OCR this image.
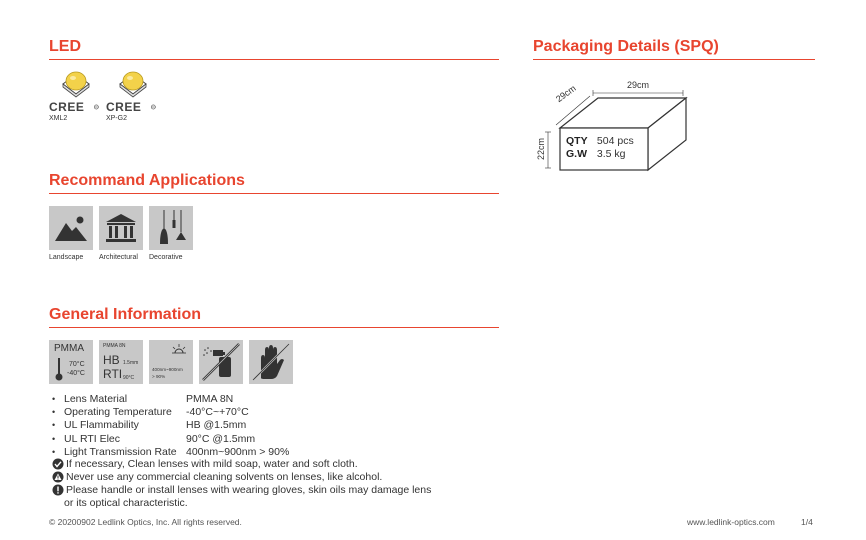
LED
CREE
XML2
CREE
XP-G2
Recommand Applications
Landscape	Architectural	Decorative
General Information
PMMA
70°C
-40°C
PMMA 8N
HB 1.5mm
RTI 90°C
400nm~900nm
> 90%
• Lens Material	PMMA 8N
• Operating Temperature	-40°C~+70°C
• UL Flammability	HB @1.5mm
• UL RTI Elec	90°C @1.5mm
• Light Transmission Rate 400nm~900nm > 90%
If necessary, Clean lenses with mild soap, water and soft cloth.
Never use any commercial cleaning solvents on lenses, like alcohol.
Please handle or install lenses with wearing gloves, skin oils may damage lens
or its optical characteristic.
Packaging Details (SPQ)
29cm
29cm
22cm QTY 504 pcs
G.W 3.5 kg
© 20200902 Ledlink Optics, Inc. All rights reserved.	www.ledlink-optics.com	1/4
